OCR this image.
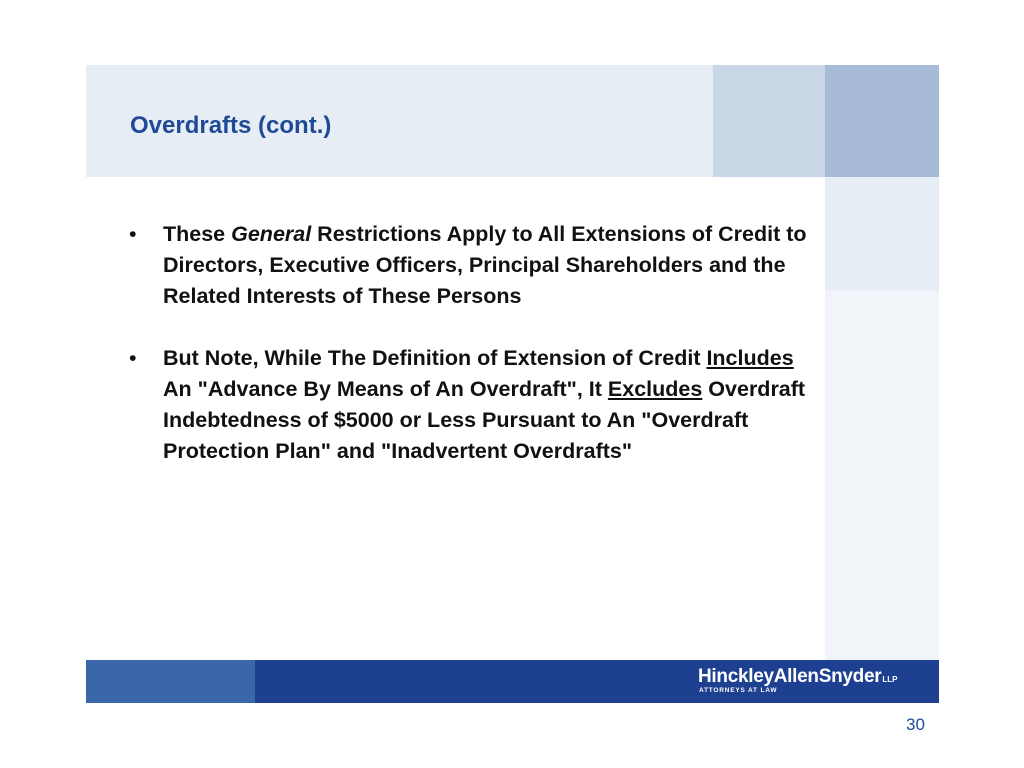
Overdrafts (cont.)
• These General Restrictions Apply to All Extensions of Credit to Directors, Executive Officers, Principal Shareholders and the Related Interests of These Persons
• But Note, While The Definition of Extension of Credit Includes An "Advance By Means of An Overdraft", It Excludes Overdraft Indebtedness of $5000 or Less Pursuant to An "Overdraft Protection Plan" and "Inadvertent Overdrafts"
HinckleyAllenSnyderLLP
ATTORNEYS AT LAW
30
